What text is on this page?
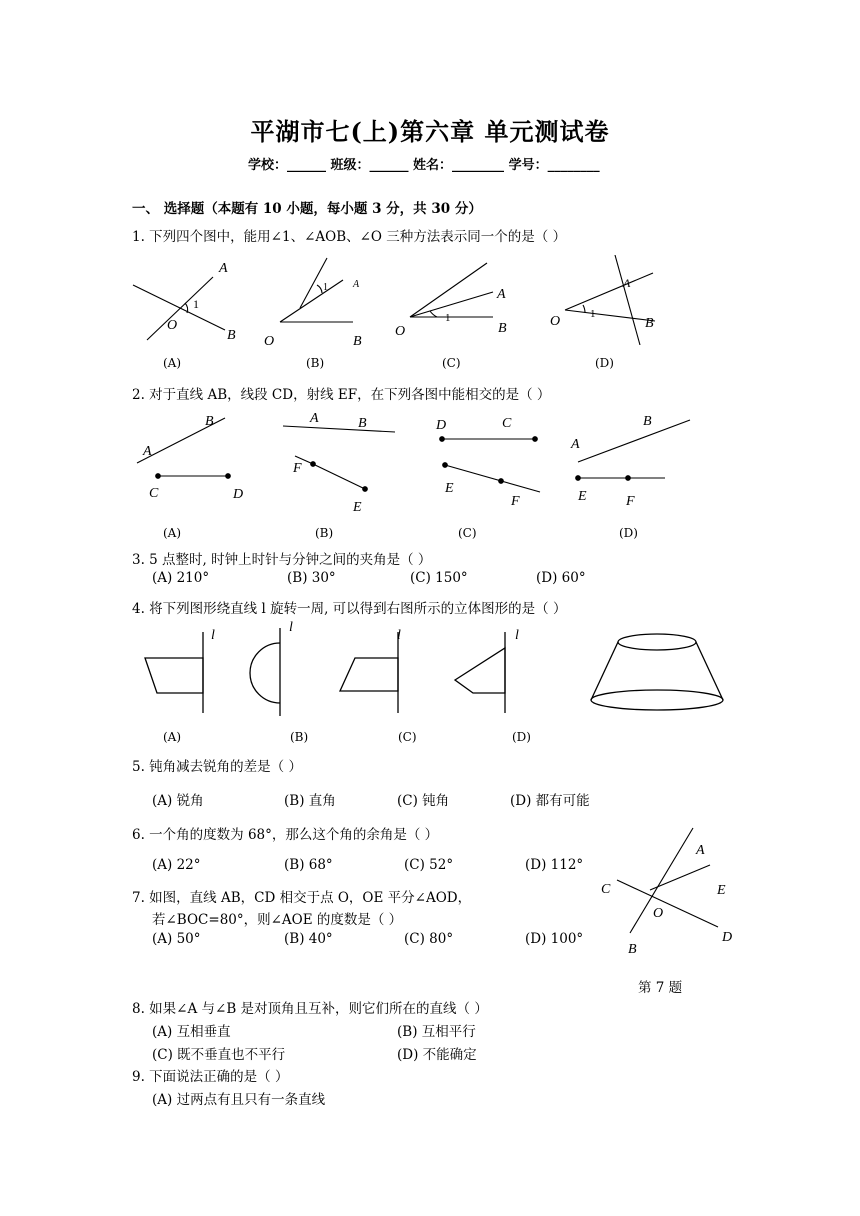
平湖市七(上)第六章 单元测试卷
学校：______ 班级：______ 姓名：________ 学号：________
一、 选择题（本题有 10 小题，每小题 3 分，共 30 分）
1. 下列四个图中，能用∠1、∠AOB、∠O 三种方法表示同一个的是（ ）
A
O
B
1
A
O	B
1	A
O	B
1
A
O	B
1
(A)	(B)	(C)	(D)
2. 对于直线 AB，线段 CD，射线 EF，在下列各图中能相交的是（ ）
B
A
C	D
A	B
F
E
D	C
E
F
B
A
E	F
(A)	(B)	(C)	(D)
3. 5 点整时, 时钟上时针与分钟之间的夹角是（ ）
(A) 210°	(B) 30°	(C) 150°	(D) 60°
4. 将下列图形绕直线 l 旋转一周, 可以得到右图所示的立体图形的是（ ）
l
l
l	l
(A)	(B)	(C)	(D)
5. 钝角减去锐角的差是（ ）
(A) 锐角	(B) 直角	(C) 钝角	(D) 都有可能
6. 一个角的度数为 68°，那么这个角的余角是（ ）
(A) 22°	(B) 68°	(C) 52°	(D) 112°
7. 如图，直线 AB，CD 相交于点 O，OE 平分∠AOD，
若∠BOC=80°，则∠AOE 的度数是（ ）
(A) 50°	(B) 40°	(C) 80°	(D) 100°
A
C	E
O
D
B
第 7 题
8. 如果∠A 与∠B 是对顶角且互补，则它们所在的直线（ ）
(A) 互相垂直	(B) 互相平行
(C) 既不垂直也不平行	(D) 不能确定
9. 下面说法正确的是（ ）
(A) 过两点有且只有一条直线
